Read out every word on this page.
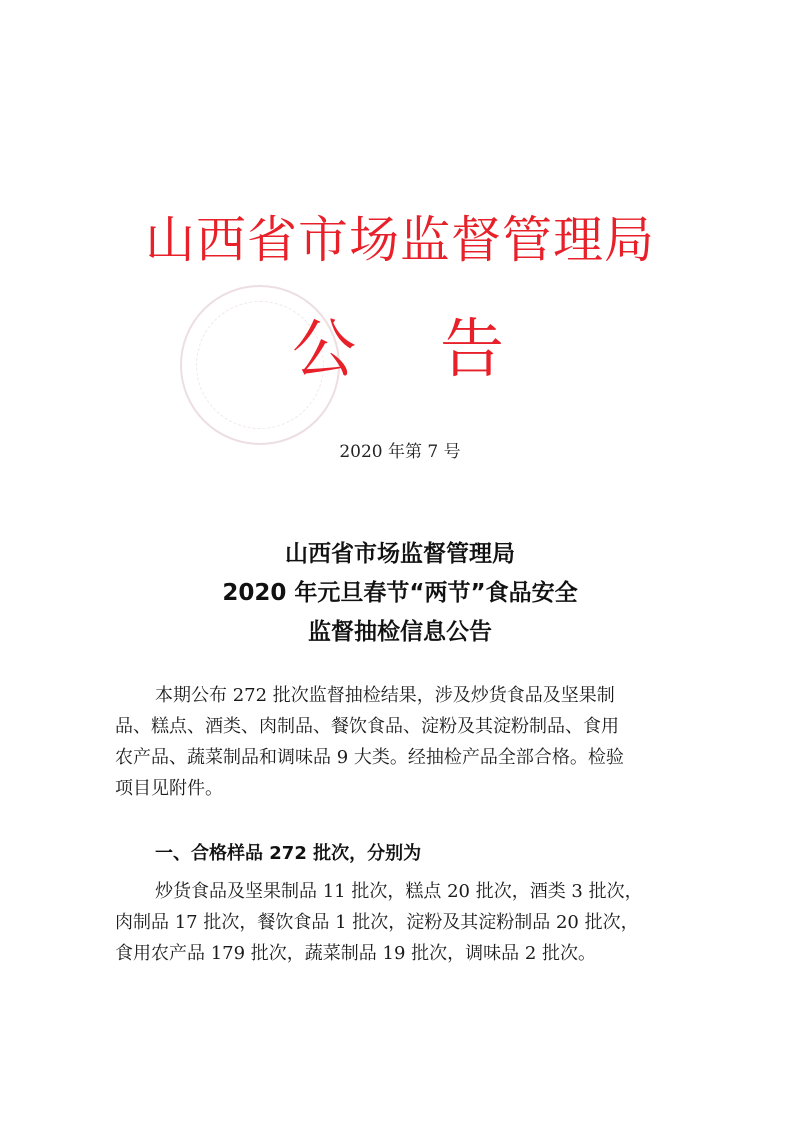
山西省市场监督管理局
公 告
2020 年第 7 号
山西省市场监督管理局
2020 年元旦春节“两节”食品安全
监督抽检信息公告
本期公布 272 批次监督抽检结果，涉及炒货食品及坚果制
品、糕点、酒类、肉制品、餐饮食品、淀粉及其淀粉制品、食用
农产品、蔬菜制品和调味品 9 大类。经抽检产品全部合格。检验
项目见附件。
一、合格样品 272 批次，分别为
炒货食品及坚果制品 11 批次，糕点 20 批次，酒类 3 批次，
肉制品 17 批次，餐饮食品 1 批次，淀粉及其淀粉制品 20 批次，
食用农产品 179 批次，蔬菜制品 19 批次，调味品 2 批次。
